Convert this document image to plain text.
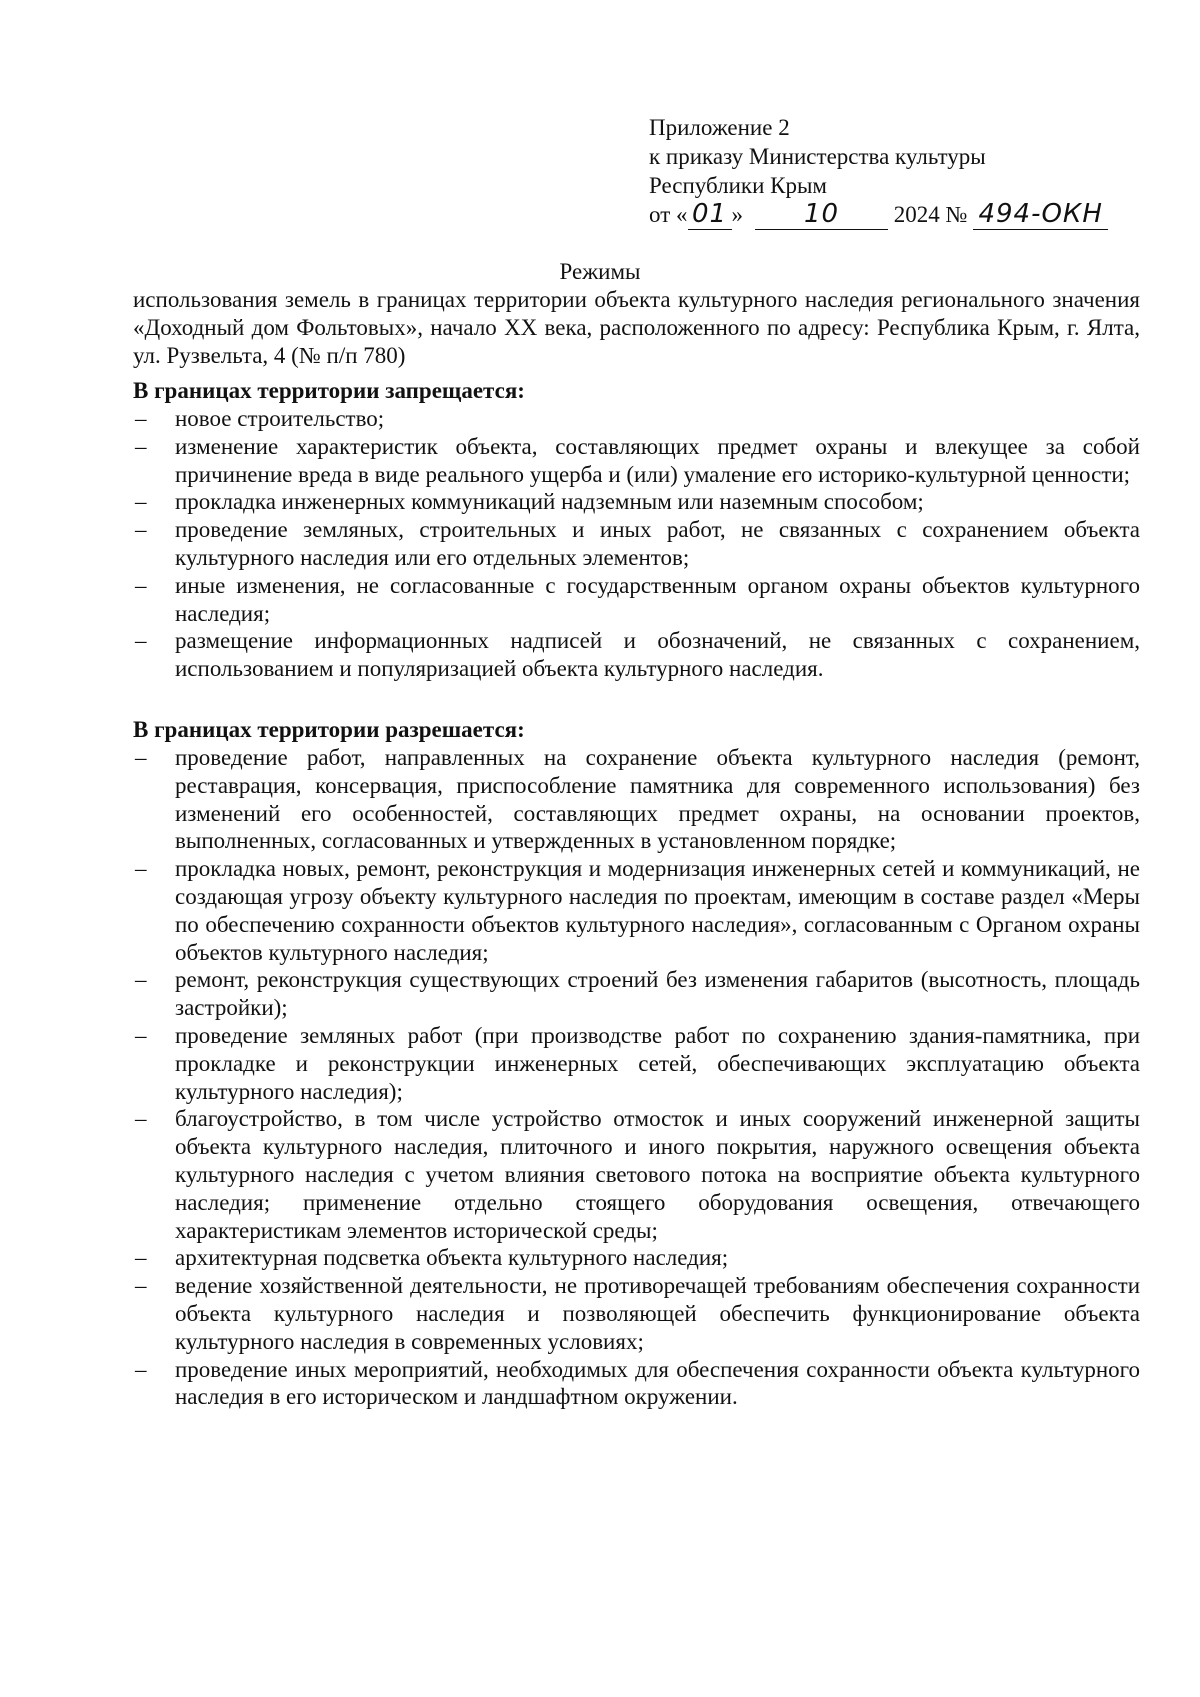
Приложение 2
к приказу Министерства культуры
Республики Крым
от « 01 » 10 2024 № 494-ОКН
Режимы
использования земель в границах территории объекта культурного наследия регионального значения «Доходный дом Фольтовых», начало XX века, расположенного по адресу: Республика Крым, г. Ялта, ул. Рузвельта, 4 (№ п/п 780)
В границах территории запрещается:
– новое строительство;
– изменение характеристик объекта, составляющих предмет охраны и влекущее за собой причинение вреда в виде реального ущерба и (или) умаление его историко-культурной ценности;
– прокладка инженерных коммуникаций надземным или наземным способом;
– проведение земляных, строительных и иных работ, не связанных с сохранением объекта культурного наследия или его отдельных элементов;
– иные изменения, не согласованные с государственным органом охраны объектов культурного наследия;
– размещение информационных надписей и обозначений, не связанных с сохранением, использованием и популяризацией объекта культурного наследия.
В границах территории разрешается:
– проведение работ, направленных на сохранение объекта культурного наследия (ремонт, реставрация, консервация, приспособление памятника для современного использования) без изменений его особенностей, составляющих предмет охраны, на основании проектов, выполненных, согласованных и утвержденных в установленном порядке;
– прокладка новых, ремонт, реконструкция и модернизация инженерных сетей и коммуникаций, не создающая угрозу объекту культурного наследия по проектам, имеющим в составе раздел «Меры по обеспечению сохранности объектов культурного наследия», согласованным с Органом охраны объектов культурного наследия;
– ремонт, реконструкция существующих строений без изменения габаритов (высотность, площадь застройки);
– проведение земляных работ (при производстве работ по сохранению здания-памятника, при прокладке и реконструкции инженерных сетей, обеспечивающих эксплуатацию объекта культурного наследия);
– благоустройство, в том числе устройство отмосток и иных сооружений инженерной защиты объекта культурного наследия, плиточного и иного покрытия, наружного освещения объекта культурного наследия с учетом влияния светового потока на восприятие объекта культурного наследия; применение отдельно стоящего оборудования освещения, отвечающего характеристикам элементов исторической среды;
– архитектурная подсветка объекта культурного наследия;
– ведение хозяйственной деятельности, не противоречащей требованиям обеспечения сохранности объекта культурного наследия и позволяющей обеспечить функционирование объекта культурного наследия в современных условиях;
– проведение иных мероприятий, необходимых для обеспечения сохранности объекта культурного наследия в его историческом и ландшафтном окружении.
